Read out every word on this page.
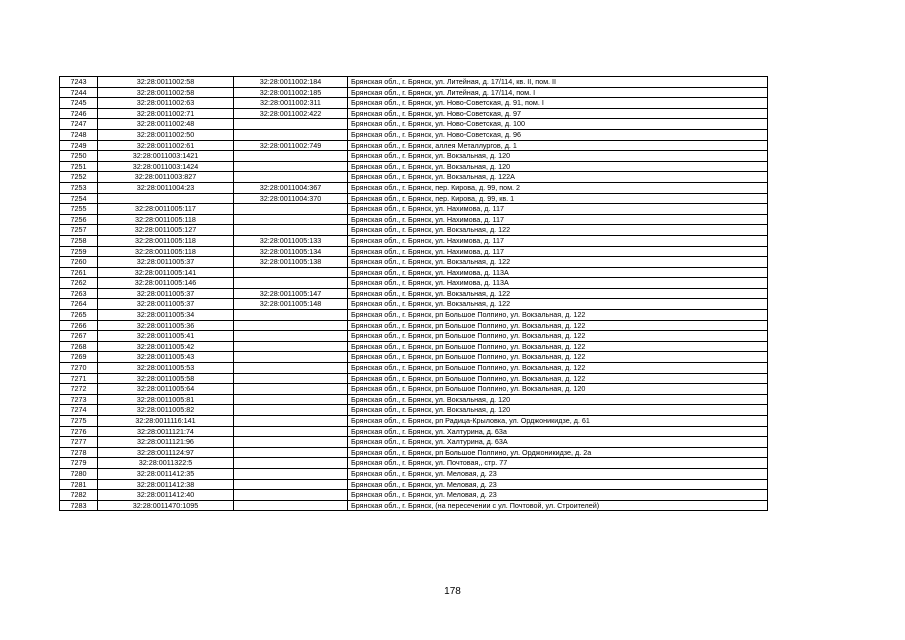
7243	32:28:0011002:58	32:28:0011002:184	Брянская обл., г. Брянск, ул. Литейная, д. 17/114, кв. II, пом. II
7244	32:28:0011002:58	32:28:0011002:185	Брянская обл., г. Брянск, ул. Литейная, д. 17/114, пом. I
7245	32:28:0011002:63	32:28:0011002:311	Брянская обл., г. Брянск, ул. Ново-Советская, д. 91, пом. I
7246	32:28:0011002:71	32:28:0011002:422	Брянская обл., г. Брянск, ул. Ново-Советская, д. 97
7247	32:28:0011002:48		Брянская обл., г. Брянск, ул. Ново-Советская, д. 100
7248	32:28:0011002:50		Брянская обл., г. Брянск, ул. Ново-Советская, д. 96
7249	32:28:0011002:61	32:28:0011002:749	Брянская обл., г. Брянск, аллея Металлургов, д. 1
7250	32:28:0011003:1421		Брянская обл., г. Брянск, ул. Вокзальная, д. 120
7251	32:28:0011003:1424		Брянская обл., г. Брянск, ул. Вокзальная, д. 120
7252	32:28:0011003:827		Брянская обл., г. Брянск, ул. Вокзальная, д. 122А
7253	32:28:0011004:23	32:28:0011004:367	Брянская обл., г. Брянск, пер. Кирова, д. 99, пом. 2
7254		32:28:0011004:370	Брянская обл., г. Брянск, пер. Кирова, д. 99, кв. 1
7255	32:28:0011005:117		Брянская обл., г. Брянск, ул. Нахимова, д. 117
7256	32:28:0011005:118		Брянская обл., г. Брянск, ул. Нахимова, д. 117
7257	32:28:0011005:127		Брянская обл., г. Брянск, ул. Вокзальная, д. 122
7258	32:28:0011005:118	32:28:0011005:133	Брянская обл., г. Брянск, ул. Нахимова, д. 117
7259	32:28:0011005:118	32:28:0011005:134	Брянская обл., г. Брянск, ул. Нахимова, д. 117
7260	32:28:0011005:37	32:28:0011005:138	Брянская обл., г. Брянск, ул. Вокзальная, д. 122
7261	32:28:0011005:141		Брянская обл., г. Брянск, ул. Нахимова, д. 113А
7262	32:28:0011005:146		Брянская обл., г. Брянск, ул. Нахимова, д. 113А
7263	32:28:0011005:37	32:28:0011005:147	Брянская обл., г. Брянск, ул. Вокзальная, д. 122
7264	32:28:0011005:37	32:28:0011005:148	Брянская обл., г. Брянск, ул. Вокзальная, д. 122
7265	32:28:0011005:34		Брянская обл., г. Брянск, рп Большое Полпино, ул. Вокзальная, д. 122
7266	32:28:0011005:36		Брянская обл., г. Брянск, рп Большое Полпино, ул. Вокзальная, д. 122
7267	32:28:0011005:41		Брянская обл., г. Брянск, рп Большое Полпино, ул. Вокзальная, д. 122
7268	32:28:0011005:42		Брянская обл., г. Брянск, рп Большое Полпино, ул. Вокзальная, д. 122
7269	32:28:0011005:43		Брянская обл., г. Брянск, рп Большое Полпино, ул. Вокзальная, д. 122
7270	32:28:0011005:53		Брянская обл., г. Брянск, рп Большое Полпино, ул. Вокзальная, д. 122
7271	32:28:0011005:58		Брянская обл., г. Брянск, рп Большое Полпино, ул. Вокзальная, д. 122
7272	32:28:0011005:64		Брянская обл., г. Брянск, рп Большое Полпино, ул. Вокзальная, д. 120
7273	32:28:0011005:81		Брянская обл., г. Брянск, ул. Вокзальная, д. 120
7274	32:28:0011005:82		Брянская обл., г. Брянск, ул. Вокзальная, д. 120
7275	32:28:0011116:141		Брянская обл., г. Брянск, рп Радица-Крыловка, ул. Орджоникидзе, д. 61
7276	32:28:0011121:74		Брянская обл., г. Брянск, ул. Халтурина, д. 63а
7277	32:28:0011121:96		Брянская обл., г. Брянск, ул. Халтурина, д. 63А
7278	32:28:0011124:97		Брянская обл., г. Брянск, рп Большое Полпино, ул. Орджоникидзе, д. 2а
7279	32:28:0011322:5		Брянская обл., г. Брянск, ул. Почтовая,, стр. 77
7280	32:28:0011412:35		Брянская обл., г. Брянск, ул. Меловая, д. 23
7281	32:28:0011412:38		Брянская обл., г. Брянск, ул. Меловая, д. 23
7282	32:28:0011412:40		Брянская обл., г. Брянск, ул. Меловая, д. 23
7283	32:28:0011470:1095		Брянская обл., г. Брянск, (на пересечении с ул. Почтовой, ул. Строителей)
178
